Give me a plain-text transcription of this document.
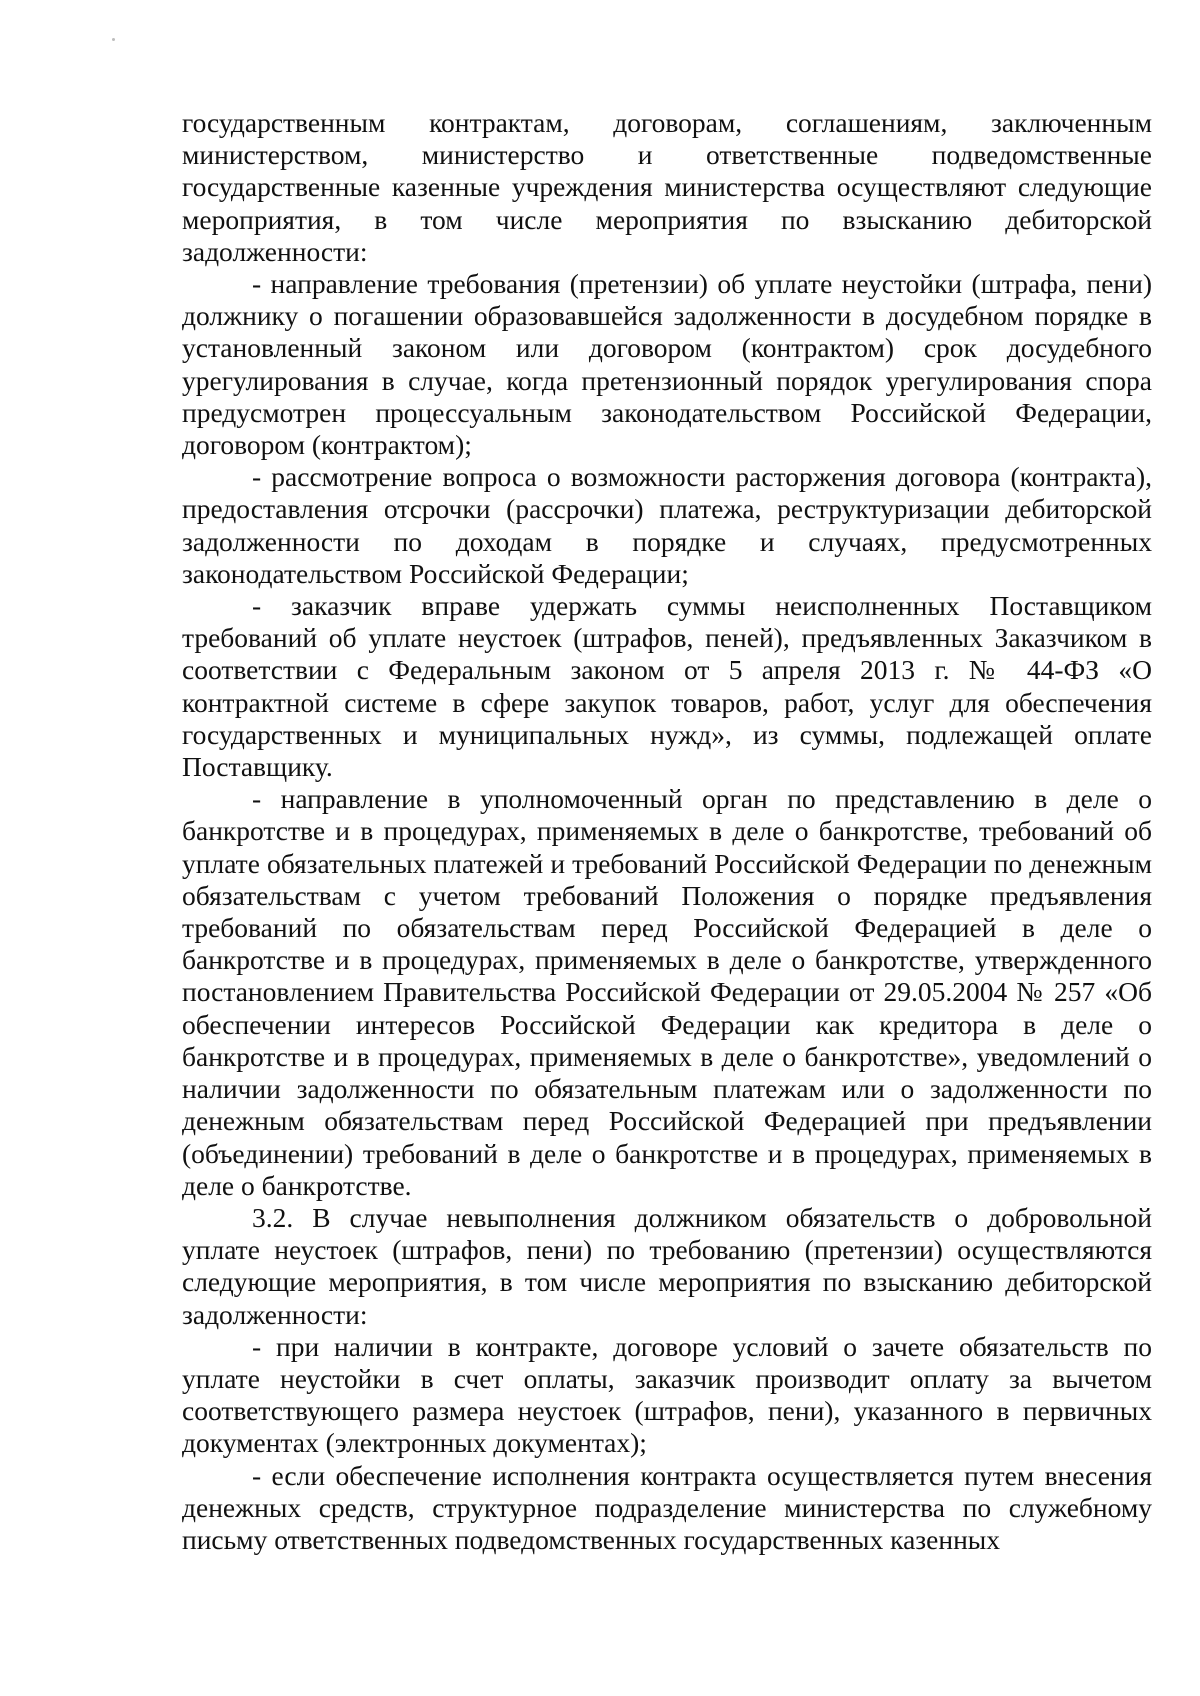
государственным контрактам, договорам, соглашениям, заключенным министерством, министерство и ответственные подведомственные государственные казенные учреждения министерства осуществляют следующие мероприятия, в том числе мероприятия по взысканию дебиторской задолженности:

- направление требования (претензии) об уплате неустойки (штрафа, пени) должнику о погашении образовавшейся задолженности в досудебном порядке в установленный законом или договором (контрактом) срок досудебного урегулирования в случае, когда претензионный порядок урегулирования спора предусмотрен процессуальным законодательством Российской Федерации, договором (контрактом);

- рассмотрение вопроса о возможности расторжения договора (контракта), предоставления отсрочки (рассрочки) платежа, реструктуризации дебиторской задолженности по доходам в порядке и случаях, предусмотренных законодательством Российской Федерации;

- заказчик вправе удержать суммы неисполненных Поставщиком требований об уплате неустоек (штрафов, пеней), предъявленных Заказчиком в соответствии с Федеральным законом от 5 апреля 2013 г. № 44-ФЗ «О контрактной системе в сфере закупок товаров, работ, услуг для обеспечения государственных и муниципальных нужд», из суммы, подлежащей оплате Поставщику.

- направление в уполномоченный орган по представлению в деле о банкротстве и в процедурах, применяемых в деле о банкротстве, требований об уплате обязательных платежей и требований Российской Федерации по денежным обязательствам с учетом требований Положения о порядке предъявления требований по обязательствам перед Российской Федерацией в деле о банкротстве и в процедурах, применяемых в деле о банкротстве, утвержденного постановлением Правительства Российской Федерации от 29.05.2004 № 257 «Об обеспечении интересов Российской Федерации как кредитора в деле о банкротстве и в процедурах, применяемых в деле о банкротстве», уведомлений о наличии задолженности по обязательным платежам или о задолженности по денежным обязательствам перед Российской Федерацией при предъявлении (объединении) требований в деле о банкротстве и в процедурах, применяемых в деле о банкротстве.

3.2. В случае невыполнения должником обязательств о добровольной уплате неустоек (штрафов, пени) по требованию (претензии) осуществляются следующие мероприятия, в том числе мероприятия по взысканию дебиторской задолженности:

- при наличии в контракте, договоре условий о зачете обязательств по уплате неустойки в счет оплаты, заказчик производит оплату за вычетом соответствующего размера неустоек (штрафов, пени), указанного в первичных документах (электронных документах);

- если обеспечение исполнения контракта осуществляется путем внесения денежных средств, структурное подразделение министерства по служебному письму ответственных подведомственных государственных казенных
